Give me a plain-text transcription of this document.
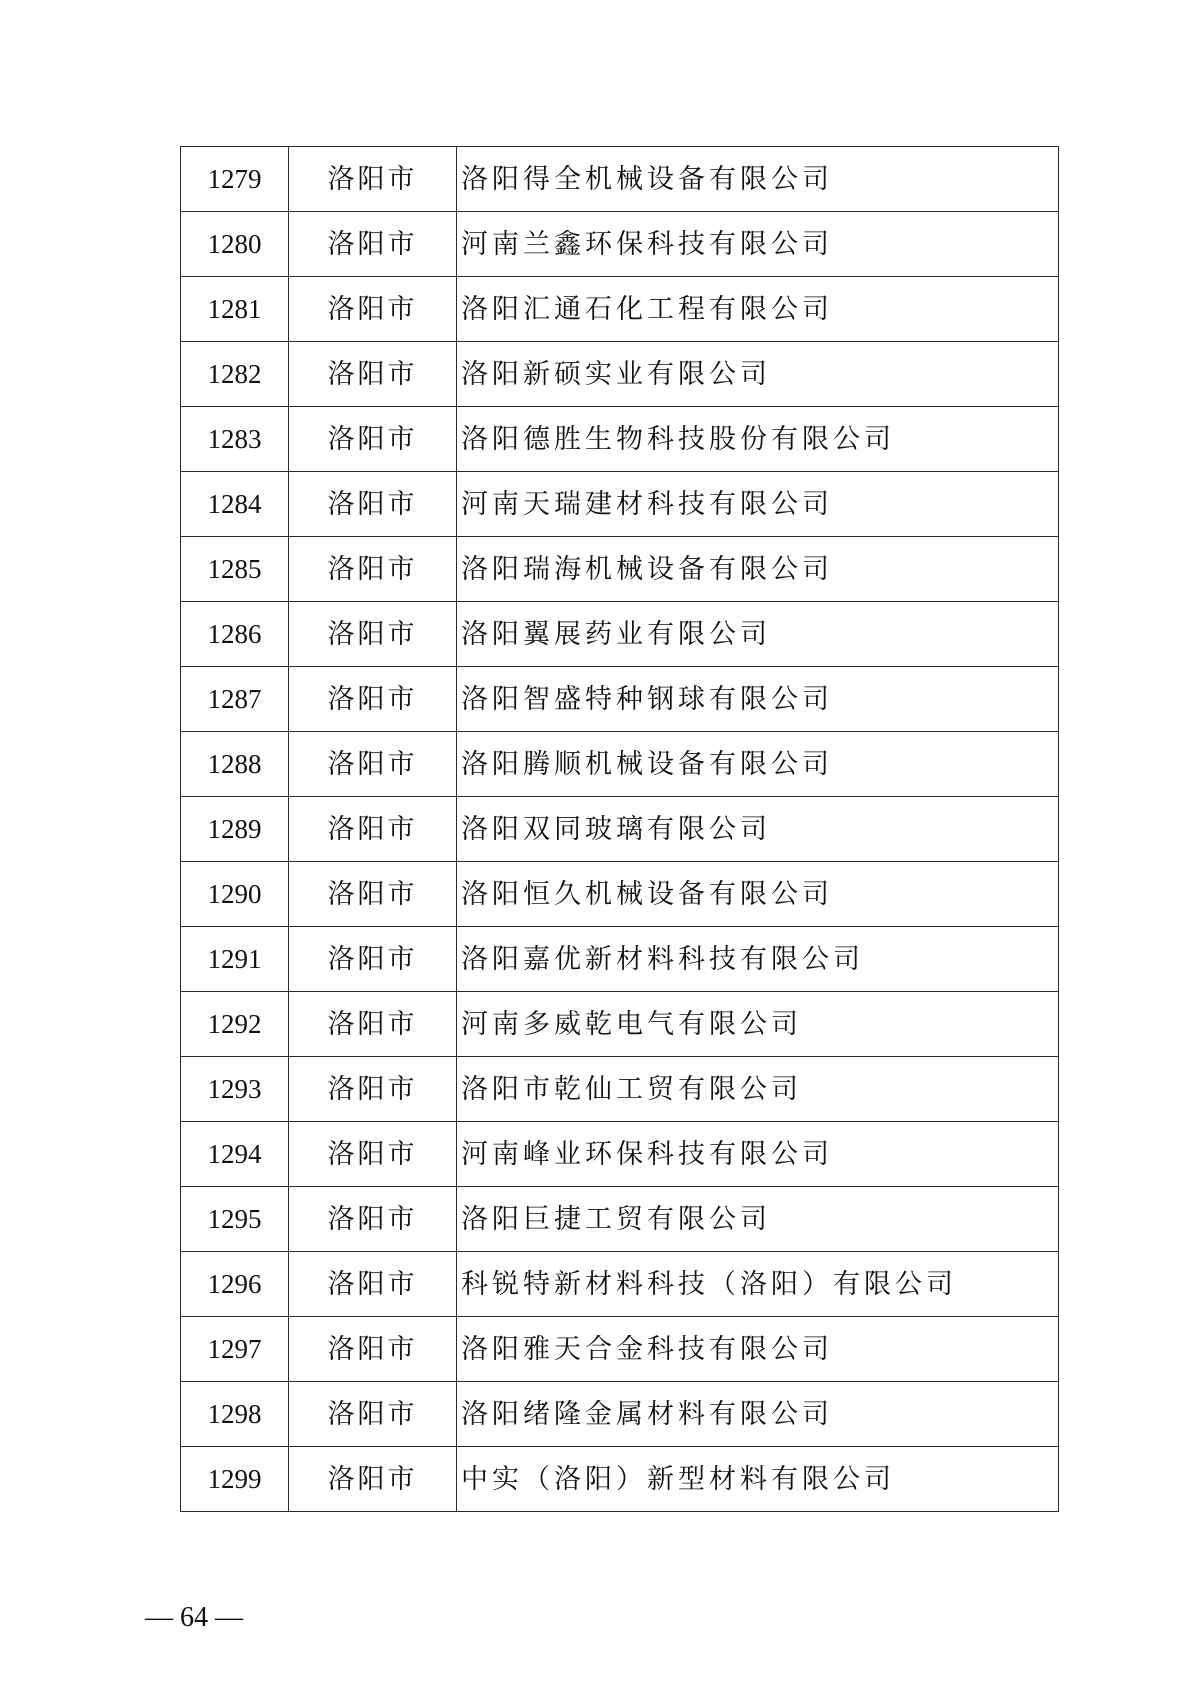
1279	洛阳市	洛阳得全机械设备有限公司
1280	洛阳市	河南兰鑫环保科技有限公司
1281	洛阳市	洛阳汇通石化工程有限公司
1282	洛阳市	洛阳新硕实业有限公司
1283	洛阳市	洛阳德胜生物科技股份有限公司
1284	洛阳市	河南天瑞建材科技有限公司
1285	洛阳市	洛阳瑞海机械设备有限公司
1286	洛阳市	洛阳翼展药业有限公司
1287	洛阳市	洛阳智盛特种钢球有限公司
1288	洛阳市	洛阳腾顺机械设备有限公司
1289	洛阳市	洛阳双同玻璃有限公司
1290	洛阳市	洛阳恒久机械设备有限公司
1291	洛阳市	洛阳嘉优新材料科技有限公司
1292	洛阳市	河南多威乾电气有限公司
1293	洛阳市	洛阳市乾仙工贸有限公司
1294	洛阳市	河南峰业环保科技有限公司
1295	洛阳市	洛阳巨捷工贸有限公司
1296	洛阳市	科锐特新材料科技（洛阳）有限公司
1297	洛阳市	洛阳雅天合金科技有限公司
1298	洛阳市	洛阳绪隆金属材料有限公司
1299	洛阳市	中实（洛阳）新型材料有限公司
— 64 —
